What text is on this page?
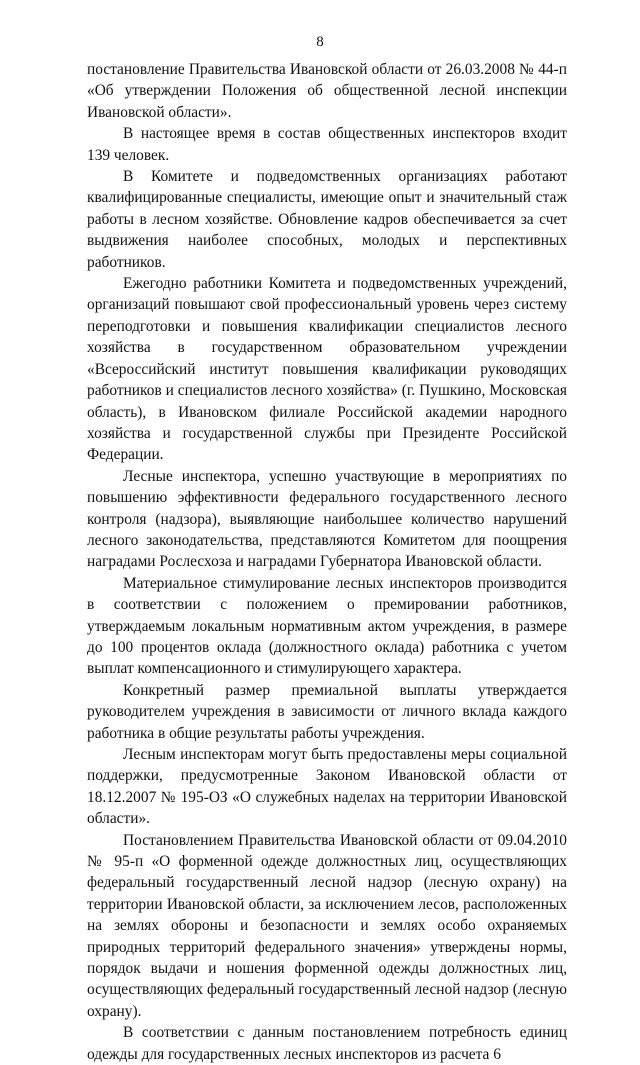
8

постановление Правительства Ивановской области от 26.03.2008 № 44-п «Об утверждении Положения об общественной лесной инспекции Ивановской области».

В настоящее время в состав общественных инспекторов входит 139 человек.

В Комитете и подведомственных организациях работают квалифицированные специалисты, имеющие опыт и значительный стаж работы в лесном хозяйстве. Обновление кадров обеспечивается за счет выдвижения наиболее способных, молодых и перспективных работников.

Ежегодно работники Комитета и подведомственных учреждений, организаций повышают свой профессиональный уровень через систему переподготовки и повышения квалификации специалистов лесного хозяйства в государственном образовательном учреждении «Всероссийский институт повышения квалификации руководящих работников и специалистов лесного хозяйства» (г. Пушкино, Московская область), в Ивановском филиале Российской академии народного хозяйства и государственной службы при Президенте Российской Федерации.

Лесные инспектора, успешно участвующие в мероприятиях по повышению эффективности федерального государственного лесного контроля (надзора), выявляющие наибольшее количество нарушений лесного законодательства, представляются Комитетом для поощрения наградами Рослесхоза и наградами Губернатора Ивановской области.

Материальное стимулирование лесных инспекторов производится в соответствии с положением о премировании работников, утверждаемым локальным нормативным актом учреждения, в размере до 100 процентов оклада (должностного оклада) работника с учетом выплат компенсационного и стимулирующего характера.

Конкретный размер премиальной выплаты утверждается руководителем учреждения в зависимости от личного вклада каждого работника в общие результаты работы учреждения.

Лесным инспекторам могут быть предоставлены меры социальной поддержки, предусмотренные Законом Ивановской области от 18.12.2007 № 195-ОЗ «О служебных наделах на территории Ивановской области».

Постановлением Правительства Ивановской области от 09.04.2010 № 95-п «О форменной одежде должностных лиц, осуществляющих федеральный государственный лесной надзор (лесную охрану) на территории Ивановской области, за исключением лесов, расположенных на землях обороны и безопасности и землях особо охраняемых природных территорий федерального значения» утверждены нормы, порядок выдачи и ношения форменной одежды должностных лиц, осуществляющих федеральный государственный лесной надзор (лесную охрану).

В соответствии с данным постановлением потребность единиц одежды для государственных лесных инспекторов из расчета 6
